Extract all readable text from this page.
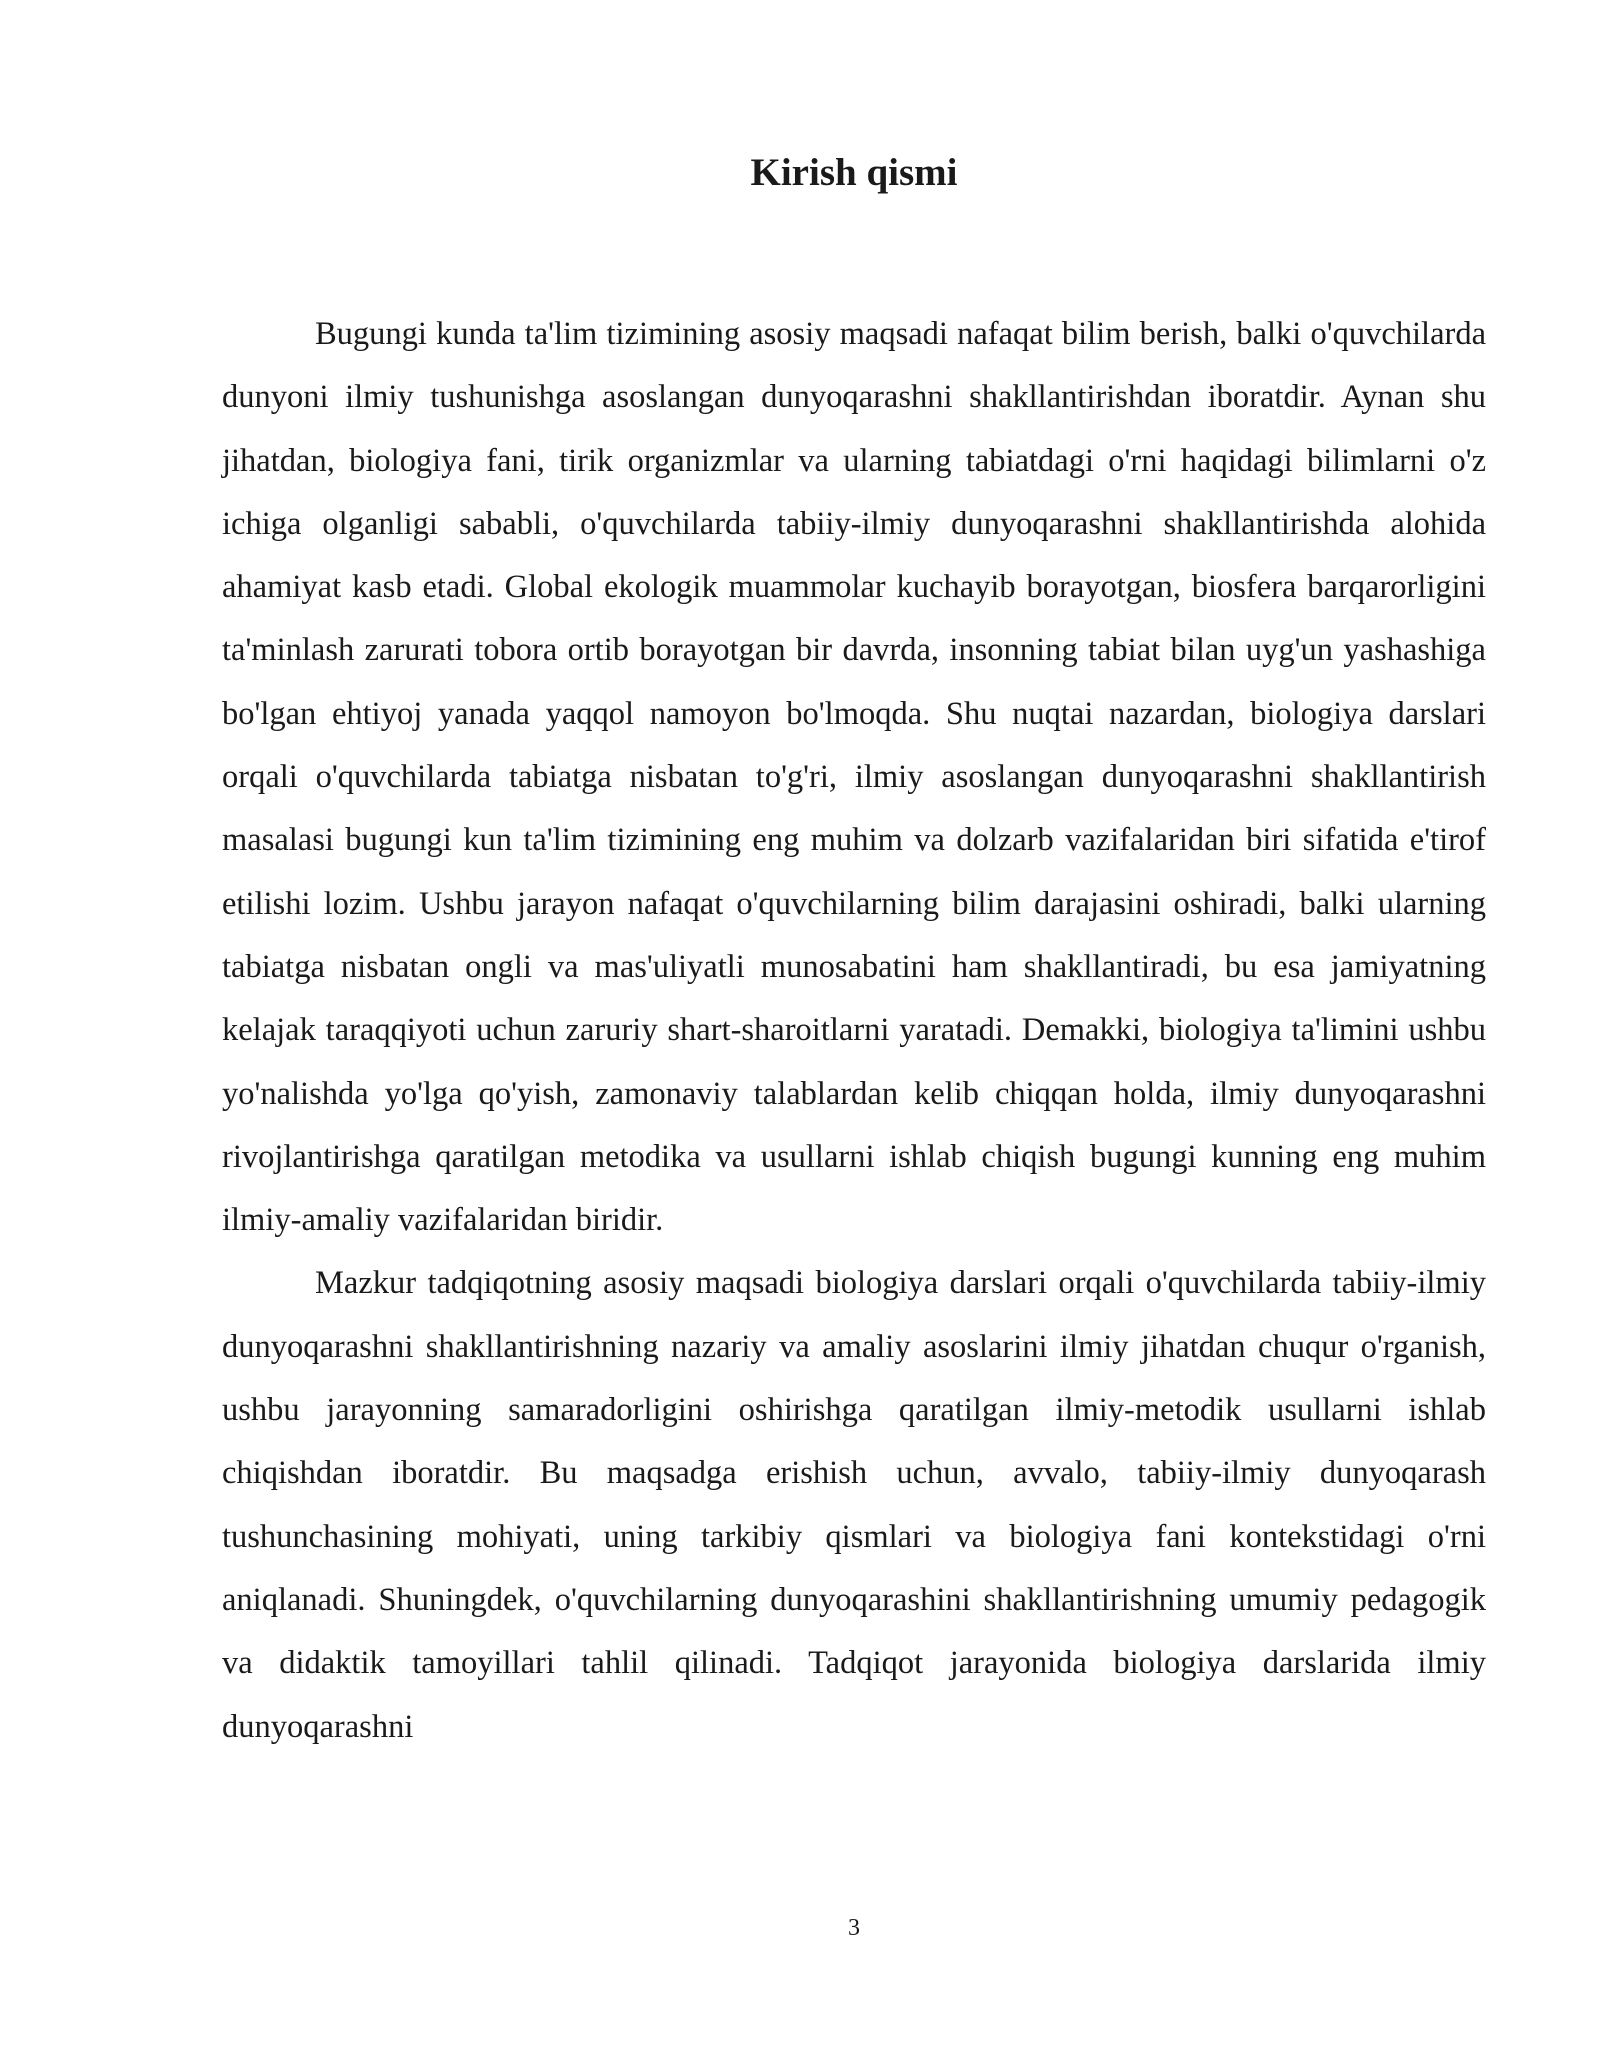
Kirish qismi

Bugungi kunda ta'lim tizimining asosiy maqsadi nafaqat bilim berish, balki o'quvchilarda dunyoni ilmiy tushunishga asoslangan dunyoqarashni shakllantirishdan iboratdir. Aynan shu jihatdan, biologiya fani, tirik organizmlar va ularning tabiatdagi o'rni haqidagi bilimlarni o'z ichiga olganligi sababli, o'quvchilarda tabiiy-ilmiy dunyoqarashni shakllantirishda alohida ahamiyat kasb etadi. Global ekologik muammolar kuchayib borayotgan, biosfera barqarorligini ta'minlash zarurati tobora ortib borayotgan bir davrda, insonning tabiat bilan uyg'un yashashiga bo'lgan ehtiyoj yanada yaqqol namoyon bo'lmoqda. Shu nuqtai nazardan, biologiya darslari orqali o'quvchilarda tabiatga nisbatan to'g'ri, ilmiy asoslangan dunyoqarashni shakllantirish masalasi bugungi kun ta'lim tizimining eng muhim va dolzarb vazifalaridan biri sifatida e'tirof etilishi lozim. Ushbu jarayon nafaqat o'quvchilarning bilim darajasini oshiradi, balki ularning tabiatga nisbatan ongli va mas'uliyatli munosabatini ham shakllantiradi, bu esa jamiyatning kelajak taraqqiyoti uchun zaruriy shart-sharoitlarni yaratadi. Demakki, biologiya ta'limini ushbu yo'nalishda yo'lga qo'yish, zamonaviy talablardan kelib chiqqan holda, ilmiy dunyoqarashni rivojlantirishga qaratilgan metodika va usullarni ishlab chiqish bugungi kunning eng muhim ilmiy-amaliy vazifalaridan biridir.

Mazkur tadqiqotning asosiy maqsadi biologiya darslari orqali o'quvchilarda tabiiy-ilmiy dunyoqarashni shakllantirishning nazariy va amaliy asoslarini ilmiy jihatdan chuqur o'rganish, ushbu jarayonning samaradorligini oshirishga qaratilgan ilmiy-metodik usullarni ishlab chiqishdan iboratdir. Bu maqsadga erishish uchun, avvalo, tabiiy-ilmiy dunyoqarash tushunchasining mohiyati, uning tarkibiy qismlari va biologiya fani kontekstidagi o'rni aniqlanadi. Shuningdek, o'quvchilarning dunyoqarashini shakllantirishning umumiy pedagogik va didaktik tamoyillari tahlil qilinadi. Tadqiqot jarayonida biologiya darslarida ilmiy dunyoqarashni

3
